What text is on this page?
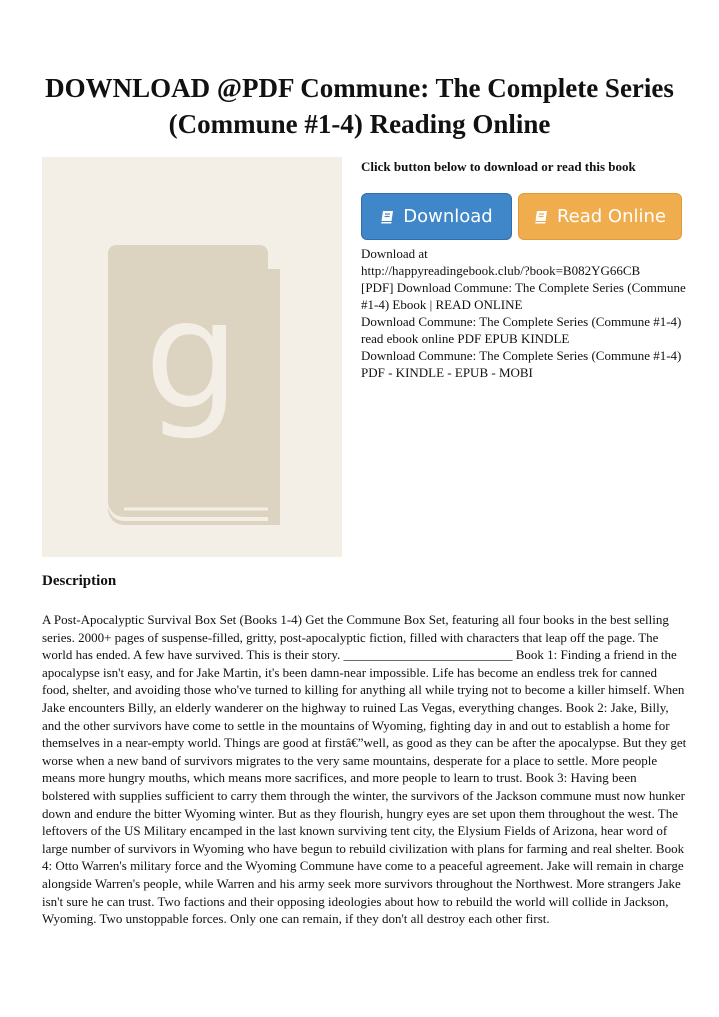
DOWNLOAD @PDF Commune: The Complete Series (Commune #1-4) Reading Online
g

Click button below to download or read this book

Download	Read Online
Download at
http://happyreadingebook.club/?book=B082YG66CB
[PDF] Download Commune: The Complete Series (Commune #1-4) Ebook | READ ONLINE
Download Commune: The Complete Series (Commune #1-4) read ebook online PDF EPUB KINDLE
Download Commune: The Complete Series (Commune #1-4) PDF - KINDLE - EPUB - MOBI
Description

A Post-Apocalyptic Survival Box Set (Books 1-4) Get the Commune Box Set, featuring all four books in the best selling series. 2000+ pages of suspense-filled, gritty, post-apocalyptic fiction, filled with characters that leap off the page. The world has ended. A few have survived. This is their story. __________________________ Book 1: Finding a friend in the apocalypse isn't easy, and for Jake Martin, it's been damn-near impossible. Life has become an endless trek for canned food, shelter, and avoiding those who've turned to killing for anything all while trying not to become a killer himself. When Jake encounters Billy, an elderly wanderer on the highway to ruined Las Vegas, everything changes. Book 2: Jake, Billy, and the other survivors have come to settle in the mountains of Wyoming, fighting day in and out to establish a home for themselves in a near-empty world. Things are good at firstâ€”well, as good as they can be after the apocalypse. But they get worse when a new band of survivors migrates to the very same mountains, desperate for a place to settle. More people means more hungry mouths, which means more sacrifices, and more people to learn to trust. Book 3: Having been bolstered with supplies sufficient to carry them through the winter, the survivors of the Jackson commune must now hunker down and endure the bitter Wyoming winter. But as they flourish, hungry eyes are set upon them throughout the west. The leftovers of the US Military encamped in the last known surviving tent city, the Elysium Fields of Arizona, hear word of large number of survivors in Wyoming who have begun to rebuild civilization with plans for farming and real shelter. Book 4: Otto Warren's military force and the Wyoming Commune have come to a peaceful agreement. Jake will remain in charge alongside Warren's people, while Warren and his army seek more survivors throughout the Northwest. More strangers Jake isn't sure he can trust. Two factions and their opposing ideologies about how to rebuild the world will collide in Jackson, Wyoming. Two unstoppable forces. Only one can remain, if they don't all destroy each other first.
